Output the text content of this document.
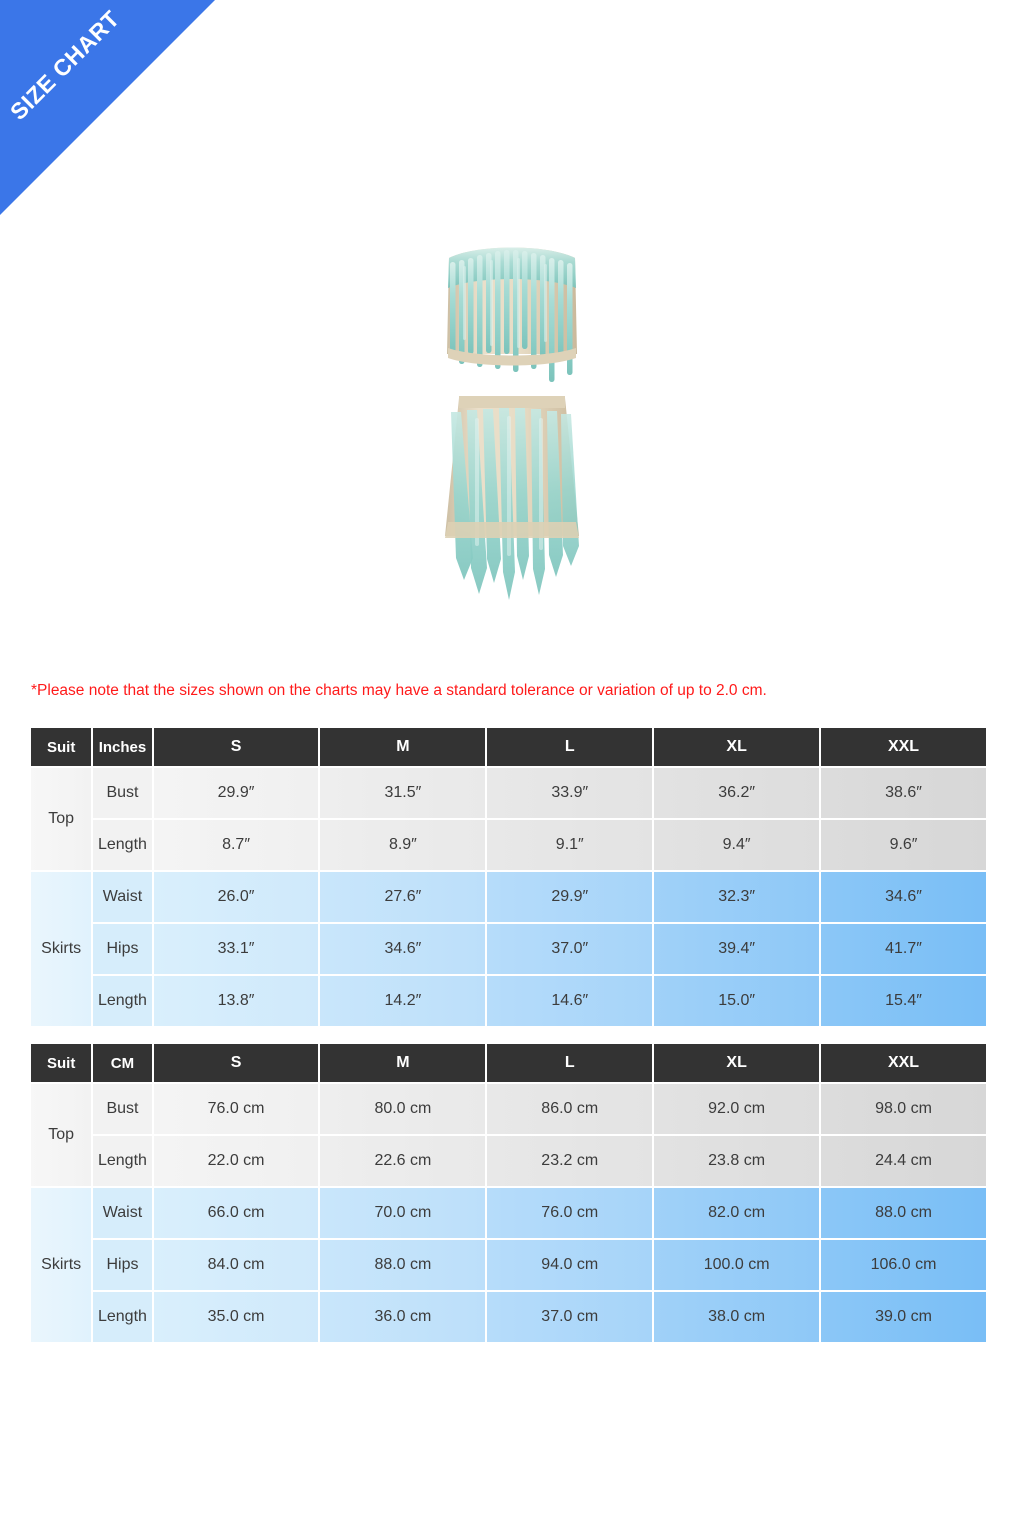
SIZE CHART
*Please note that the sizes shown on the charts may have a standard tolerance or variation of up to 2.0 cm.
Suit	Inches	S	M	L	XL	XXL
Top	Bust	29.9″	31.5″	33.9″	36.2″	38.6″
	Length	8.7″	8.9″	9.1″	9.4″	9.6″
Skirts	Waist	26.0″	27.6″	29.9″	32.3″	34.6″
	Hips	33.1″	34.6″	37.0″	39.4″	41.7″
	Length	13.8″	14.2″	14.6″	15.0″	15.4″
Suit	CM	S	M	L	XL	XXL
Top	Bust	76.0 cm	80.0 cm	86.0 cm	92.0 cm	98.0 cm
	Length	22.0 cm	22.6 cm	23.2 cm	23.8 cm	24.4 cm
Skirts	Waist	66.0 cm	70.0 cm	76.0 cm	82.0 cm	88.0 cm
	Hips	84.0 cm	88.0 cm	94.0 cm	100.0 cm	106.0 cm
	Length	35.0 cm	36.0 cm	37.0 cm	38.0 cm	39.0 cm
